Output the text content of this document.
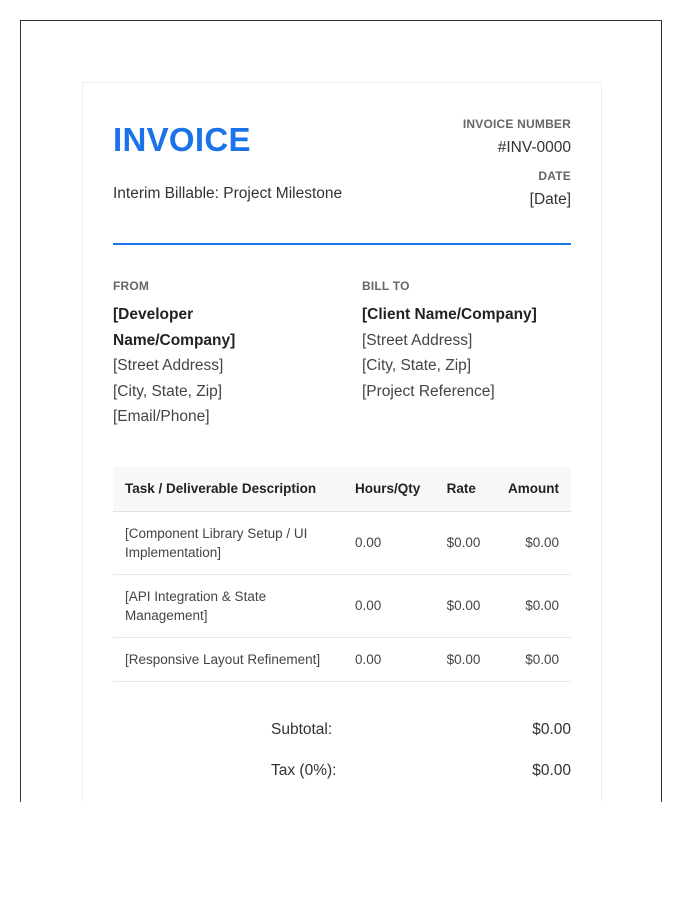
INVOICE
Interim Billable: Project Milestone
INVOICE NUMBER
#INV-0000
DATE
[Date]
FROM
[Developer
Name/Company]
[Street Address]
[City, State, Zip]
[Email/Phone]
BILL TO
[Client Name/Company]
[Street Address]
[City, State, Zip]
[Project Reference]
Task / Deliverable Description	Hours/Qty	Rate	Amount
[Component Library Setup / UI Implementation]	0.00	$0.00	$0.00
[API Integration & State Management]	0.00	$0.00	$0.00
[Responsive Layout Refinement]	0.00	$0.00	$0.00
Subtotal:	$0.00
Tax (0%):	$0.00
